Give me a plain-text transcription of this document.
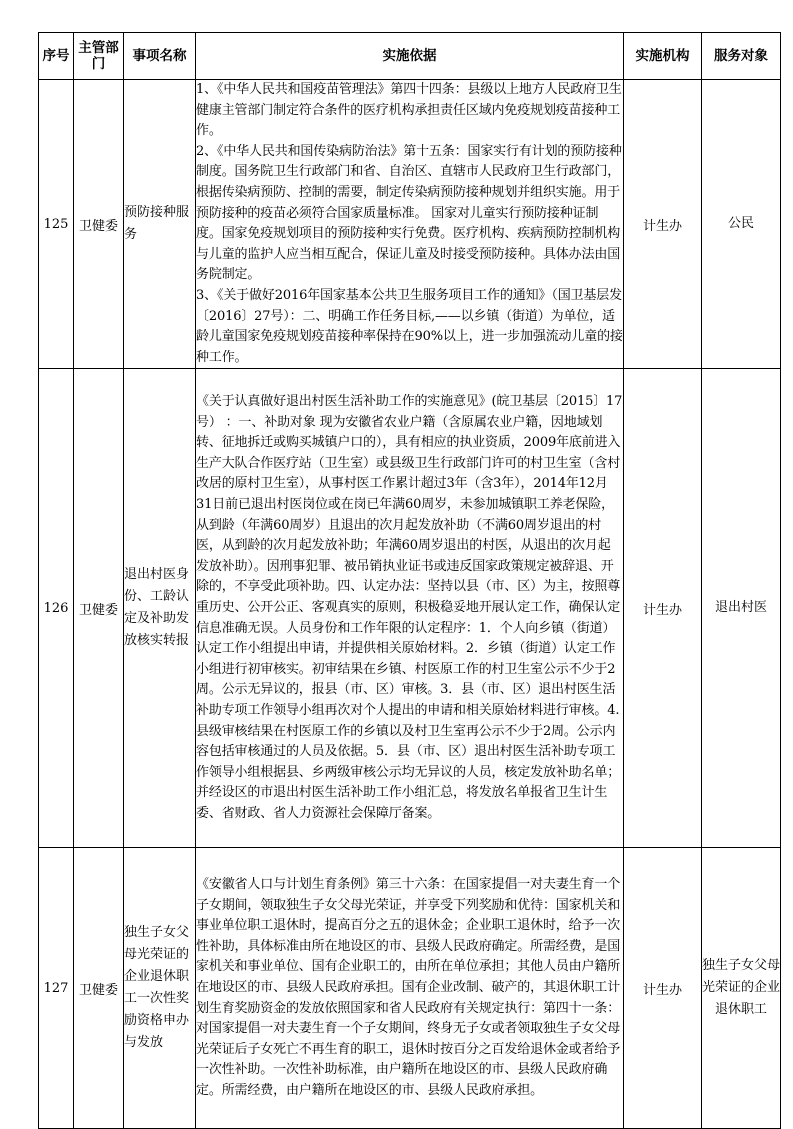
序号	主管部门	事项名称	实施依据	实施机构	服务对象
125	卫健委	预防接种服务	1、《中华人民共和国疫苗管理法》第四十四条：县级以上地方人民政府卫生健康主管部门制定符合条件的医疗机构承担责任区域内免疫规划疫苗接种工作。

2、《中华人民共和国传染病防治法》第十五条：国家实行有计划的预防接种制度。国务院卫生行政部门和省、自治区、直辖市人民政府卫生行政部门，根据传染病预防、控制的需要，制定传染病预防接种规划并组织实施。用于预防接种的疫苗必须符合国家质量标准。 国家对儿童实行预防接种证制度。国家免疫规划项目的预防接种实行免费。医疗机构、疾病预防控制机构与儿童的监护人应当相互配合，保证儿童及时接受预防接种。具体办法由国务院制定。

3、《关于做好2016年国家基本公共卫生服务项目工作的通知》（国卫基层发〔2016〕27号）：二、明确工作任务目标,——以乡镇（街道）为单位，适龄儿童国家免疫规划疫苗接种率保持在90%以上，进一步加强流动儿童的接种工作。	计生办	公民
126	卫健委	退出村医身份、工龄认定及补助发放核实转报	《关于认真做好退出村医生活补助工作的实施意见》(皖卫基层〔2015〕17号） ：一、补助对象 现为安徽省农业户籍（含原属农业户籍，因地域划转、征地拆迁或购买城镇户口的），具有相应的执业资质，2009年底前进入生产大队合作医疗站（卫生室）或县级卫生行政部门许可的村卫生室（含村改居的原村卫生室），从事村医工作累计超过3年（含3年），2014年12月31日前已退出村医岗位或在岗已年满60周岁，未参加城镇职工养老保险，从到龄（年满60周岁）且退出的次月起发放补助（不满60周岁退出的村医，从到龄的次月起发放补助；年满60周岁退出的村医，从退出的次月起发放补助）。因刑事犯罪、被吊销执业证书或违反国家政策规定被辞退、开除的，不享受此项补助。四、认定办法：坚持以县（市、区）为主，按照尊重历史、公开公正、客观真实的原则，积极稳妥地开展认定工作，确保认定信息准确无误。人员身份和工作年限的认定程序：1．个人向乡镇（街道）认定工作小组提出申请，并提供相关原始材料。2．乡镇（街道）认定工作小组进行初审核实。初审结果在乡镇、村医原工作的村卫生室公示不少于2周。公示无异议的，报县（市、区）审核。3．县（市、区）退出村医生活补助专项工作领导小组再次对个人提出的申请和相关原始材料进行审核。4.县级审核结果在村医原工作的乡镇以及村卫生室再公示不少于2周。公示内容包括审核通过的人员及依据。5．县（市、区）退出村医生活补助专项工作领导小组根据县、乡两级审核公示均无异议的人员，核定发放补助名单；并经设区的市退出村医生活补助工作小组汇总，将发放名单报省卫生计生委、省财政、省人力资源社会保障厅备案。	计生办	退出村医
127	卫健委	独生子女父母光荣证的企业退休职工一次性奖励资格申办与发放	《安徽省人口与计划生育条例》第三十六条：在国家提倡一对夫妻生育一个子女期间，领取独生子女父母光荣证，并享受下列奖励和优待：国家机关和事业单位职工退休时，提高百分之五的退休金；企业职工退休时，给予一次性补助，具体标准由所在地设区的市、县级人民政府确定。所需经费，是国家机关和事业单位、国有企业职工的，由所在单位承担；其他人员由户籍所在地设区的市、县级人民政府承担。国有企业改制、破产的，其退休职工计划生育奖励资金的发放依照国家和省人民政府有关规定执行：第四十一条：对国家提倡一对夫妻生育一个子女期间，终身无子女或者领取独生子女父母光荣证后子女死亡不再生育的职工，退休时按百分之百发给退休金或者给予一次性补助。一次性补助标准，由户籍所在地设区的市、县级人民政府确定。所需经费，由户籍所在地设区的市、县级人民政府承担。	计生办	独生子女父母光荣证的企业退休职工
